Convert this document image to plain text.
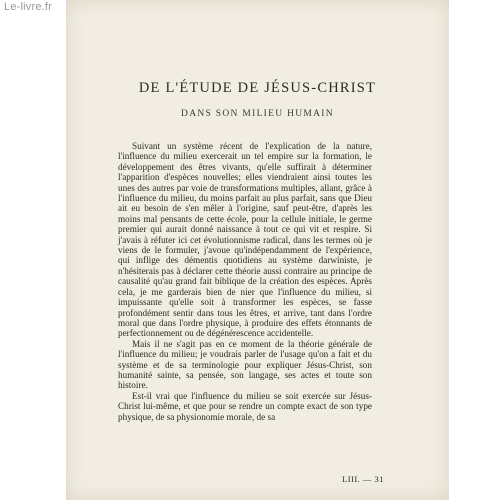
Le-livre.fr
DE L'ÉTUDE DE JÉSUS-CHRIST
DANS SON MILIEU HUMAIN

Suivant un système récent de l'explication de la nature, l'influence du milieu exercerait un tel empire sur la formation, le développement des êtres vivants, qu'elle suffirait à déterminer l'apparition d'espèces nouvelles; elles viendraient ainsi toutes les unes des autres par voie de transformations multiples, allant, grâce à l'influence du milieu, du moins parfait au plus parfait, sans que Dieu ait eu besoin de s'en mêler à l'origine, sauf peut-être, d'après les moins mal pensants de cette école, pour la cellule initiale, le germe premier qui aurait donné naissance à tout ce qui vit et respire. Si j'avais à réfuter ici cet évolutionnisme radical, dans les termes où je viens de le formuler, j'avoue qu'indépendamment de l'expérience, qui inflige des démentis quotidiens au système darwiniste, je n'hésiterais pas à déclarer cette théorie aussi contraire au principe de causalité qu'au grand fait biblique de la création des espèces. Après cela, je me garderais bien de nier que l'influence du milieu, si impuissante qu'elle soit à transformer les espèces, se fasse profondément sentir dans tous les êtres, et arrive, tant dans l'ordre moral que dans l'ordre physique, à produire des effets étonnants de perfectionnement ou de dégénérescence accidentelle.

Mais il ne s'agit pas en ce moment de la théorie générale de l'influence du milieu; je voudrais parler de l'usage qu'on a fait et du système et de sa terminologie pour expliquer Jésus-Christ, son humanité sainte, sa pensée, son langage, ses actes et toute son histoire.

Est-il vrai que l'influence du milieu se soit exercée sur Jésus-Christ lui-même, et que pour se rendre un compte exact de son type physique, de sa physionomie morale, de sa

LIII. — 31
